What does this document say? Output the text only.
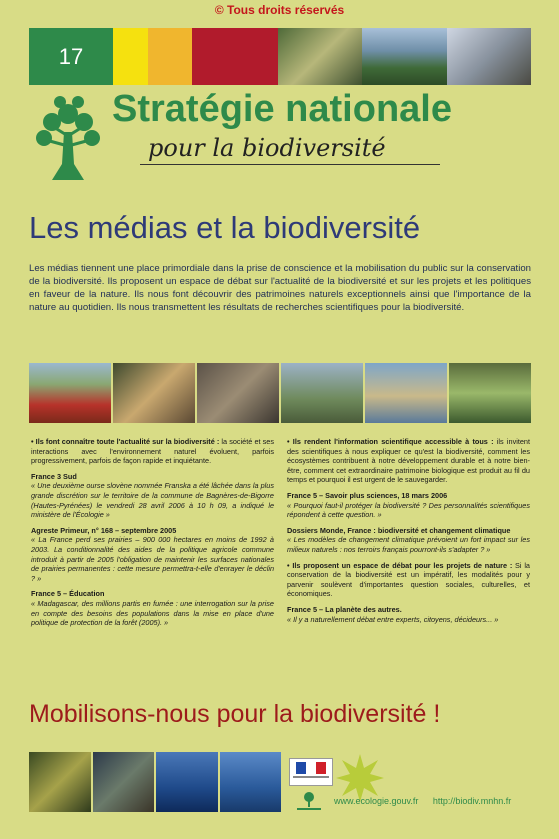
© Tous droits réservés
17
Stratégie nationale
pour la biodiversité
Les médias et la biodiversité
Les médias tiennent une place primordiale dans la prise de conscience et la mobilisation du public sur la conservation de la biodiversité. Ils proposent un espace de débat sur l'actualité de la biodiversité et sur les projets et les politiques en faveur de la nature. Ils nous font découvrir des patrimoines naturels exceptionnels ainsi que l'importance de la nature au quotidien. Ils nous transmettent les résultats de recherches scientifiques pour la biodiversité.

• Ils font connaître toute l'actualité sur la biodiversité : la société et ses interactions avec l'environnement naturel évoluent, parfois progressivement, parfois de façon rapide et inquiétante.

France 3 Sud
« Une deuxième ourse slovène nommée Franska a été lâchée dans la plus grande discrétion sur le territoire de la commune de Bagnères-de-Bigorre (Hautes-Pyrénées) le vendredi 28 avril 2006 à 10 h 09, a indiqué le ministère de l'Écologie »

Agreste Primeur, n° 168 – septembre 2005
« La France perd ses prairies – 900 000 hectares en moins de 1992 à 2003. La conditionnalité des aides de la politique agricole commune introduit à partir de 2005 l'obligation de maintenir les surfaces nationales de prairies permanentes : cette mesure permettra-t-elle d'enrayer le déclin ? »

France 5 – Éducation
« Madagascar, des millions partis en fumée : une interrogation sur la prise en compte des besoins des populations dans la mise en place d'une politique de protection de la forêt (2005). »

• Ils rendent l'information scientifique accessible à tous : ils invitent des scientifiques à nous expliquer ce qu'est la biodiversité, comment les écosystèmes contribuent à notre développement durable et à notre bien-être, comment cet extraordinaire patrimoine biologique est produit au fil du temps et pourquoi il est urgent de le sauvegarder.

France 5 – Savoir plus sciences, 18 mars 2006
« Pourquoi faut-il protéger la biodiversité ? Des personnalités scientifiques répondent à cette question. »

Dossiers Monde, France : biodiversité et changement climatique
« Les modèles de changement climatique prévoient un fort impact sur les milieux naturels : nos terroirs français pourront-ils s'adapter ? »

• Ils proposent un espace de débat pour les projets de nature : Si la conservation de la biodiversité est un impératif, les modalités pour y parvenir soulèvent d'importantes question sociales, culturelles, et économiques.

France 5 – La planète des autres.
« Il y a naturellement débat entre experts, citoyens, décideurs... »

Mobilisons-nous pour la biodiversité !
www.ecologie.gouv.fr http://biodiv.mnhn.fr
